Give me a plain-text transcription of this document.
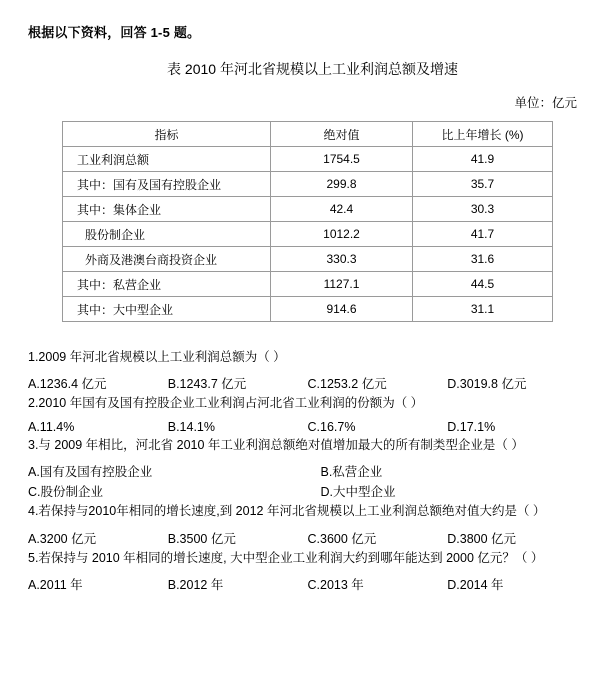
根据以下资料，回答 1-5 题。
表 2010 年河北省规模以上工业利润总额及增速
单位：亿元
指标	绝对值	比上年增长 (%)
工业利润总额	1754.5	41.9
其中：国有及国有控股企业	299.8	35.7
其中：集体企业	42.4	30.3
股份制企业	1012.2	41.7
外商及港澳台商投资企业	330.3	31.6
其中：私营企业	1127.1	44.5
其中：大中型企业	914.6	31.1
1.2009 年河北省规模以上工业利润总额为（ ）
A.1236.4 亿元	B.1243.7 亿元	C.1253.2 亿元	D.3019.8 亿元
2.2010 年国有及国有控股企业工业利润占河北省工业利润的份额为（ ）
A.11.4%	B.14.1%	C.16.7%	D.17.1%
3.与 2009 年相比，河北省 2010 年工业利润总额绝对值增加最大的所有制类型企业是（ ）
A.国有及国有控股企业	B.私营企业
C.股份制企业	D.大中型企业
4.若保持与2010年相同的增长速度,到 2012 年河北省规模以上工业利润总额绝对值大约是（ ）
A.3200 亿元	B.3500 亿元	C.3600 亿元	D.3800 亿元
5.若保持与 2010 年相同的增长速度, 大中型企业工业利润大约到哪年能达到 2000 亿元？（ ）
A.2011 年	B.2012 年	C.2013 年	D.2014 年
